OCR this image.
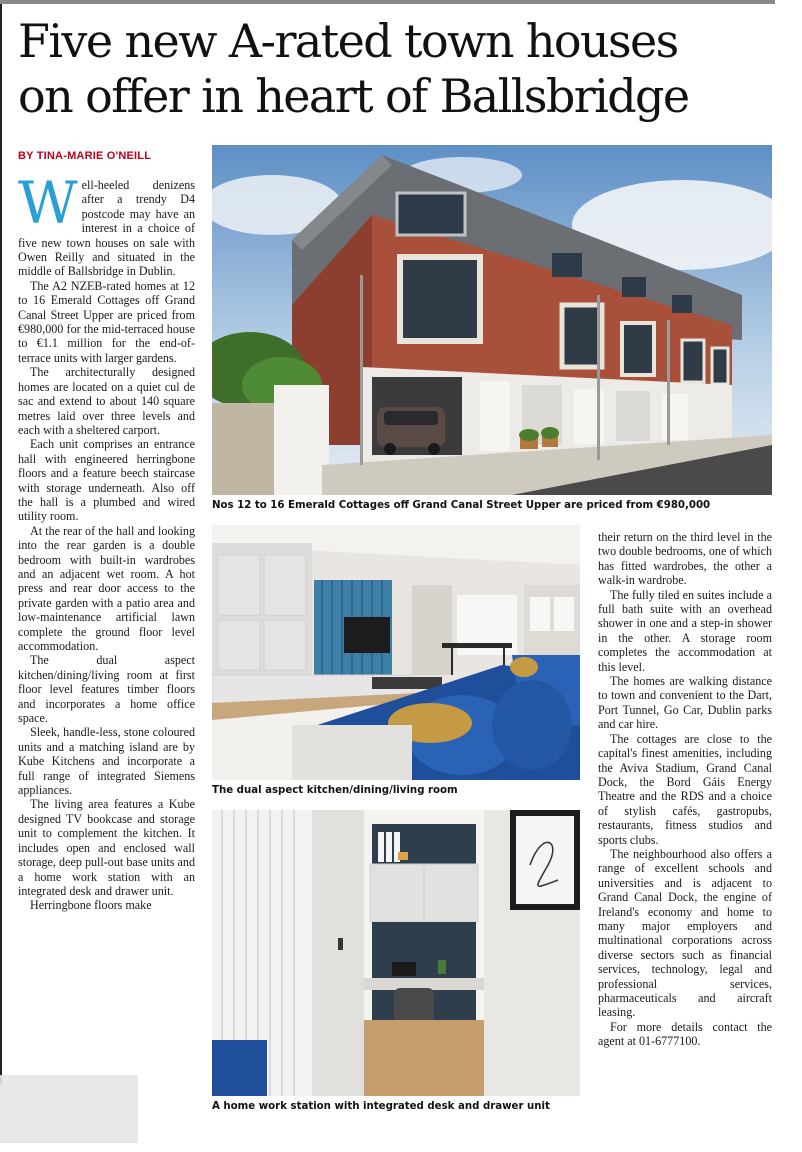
Five new A-rated town houses
on offer in heart of Ballsbridge
BY TINA-MARIE O'NEILL

Well-heeled denizens after a trendy D4 postcode may have an interest in a choice of five new town houses on sale with Owen Reilly and situated in the middle of Ballsbridge in Dublin.

The A2 NZEB-rated homes at 12 to 16 Emerald Cottages off Grand Canal Street Upper are priced from €980,000 for the mid-terraced house to €1.1 million for the end-of-terrace units with larger gardens.

The architecturally designed homes are located on a quiet cul de sac and extend to about 140 square metres laid over three levels and each with a sheltered carport.

Each unit comprises an entrance hall with engineered herringbone floors and a feature beech staircase with storage underneath. Also off the hall is a plumbed and wired utility room.

At the rear of the hall and looking into the rear garden is a double bedroom with built-in wardrobes and an adjacent wet room. A hot press and rear door access to the private garden with a patio area and low-maintenance artificial lawn complete the ground floor level accommodation.

The dual aspect kitchen/dining/living room at first floor level features timber floors and incorporates a home office space.

Sleek, handle-less, stone coloured units and a matching island are by Kube Kitchens and incorporate a full range of integrated Siemens appliances.

The living area features a Kube designed TV bookcase and storage unit to complement the kitchen. It includes open and enclosed wall storage, deep pull-out base units and a home work station with an integrated desk and drawer unit.

Herringbone floors make

Nos 12 to 16 Emerald Cottages off Grand Canal Street Upper are priced from €980,000
The dual aspect kitchen/dining/living room
A home work station with integrated desk and drawer unit

their return on the third level in the two double bedrooms, one of which has fitted wardrobes, the other a walk-in wardrobe.

The fully tiled en suites include a full bath suite with an overhead shower in one and a step-in shower in the other. A storage room completes the accommodation at this level.

The homes are walking distance to town and convenient to the Dart, Port Tunnel, Go Car, Dublin parks and car hire.

The cottages are close to the capital's finest amenities, including the Aviva Stadium, Grand Canal Dock, the Bord Gáis Energy Theatre and the RDS and a choice of stylish cafés, gastropubs, restaurants, fitness studios and sports clubs.

The neighbourhood also offers a range of excellent schools and universities and is adjacent to Grand Canal Dock, the engine of Ireland's economy and home to many major employers and multinational corporations across diverse sectors such as financial services, technology, legal and professional services, pharmaceuticals and aircraft leasing.

For more details contact the agent at 01-6777100.
